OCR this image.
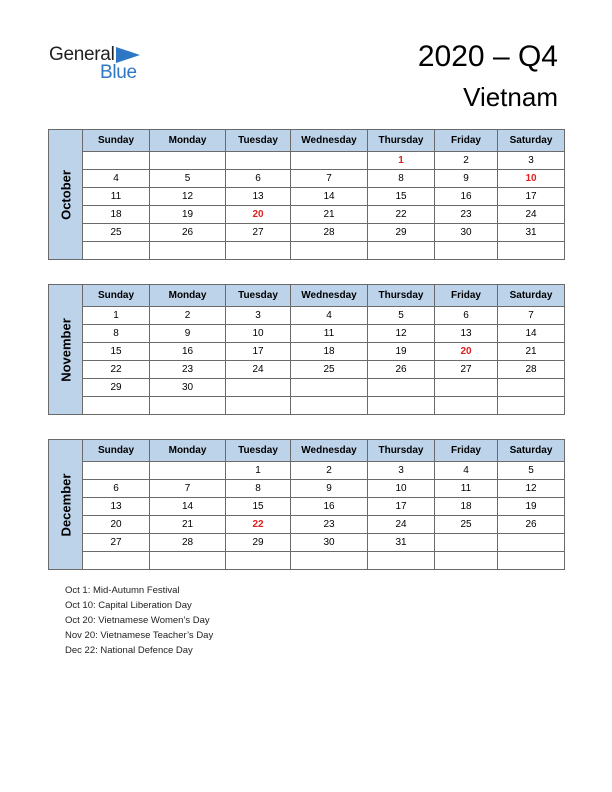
General
Blue	2020 – Q4
Vietnam
October	Sunday	Monday	Tuesday	Wednesday	Thursday	Friday	Saturday
					1	2	3
	4	5	6	7	8	9	10
	11	12	13	14	15	16	17
	18	19	20	21	22	23	24
	25	26	27	28	29	30	31

November	Sunday	Monday	Tuesday	Wednesday	Thursday	Friday	Saturday
	1	2	3	4	5	6	7
	8	9	10	11	12	13	14
	15	16	17	18	19	20	21
	22	23	24	25	26	27	28
	29	30					

December	Sunday	Monday	Tuesday	Wednesday	Thursday	Friday	Saturday
			1	2	3	4	5
	6	7	8	9	10	11	12
	13	14	15	16	17	18	19
	20	21	22	23	24	25	26
	27	28	29	30	31		

Oct 1: Mid-Autumn Festival
Oct 10: Capital Liberation Day
Oct 20: Vietnamese Women’s Day
Nov 20: Vietnamese Teacher’s Day
Dec 22: National Defence Day
